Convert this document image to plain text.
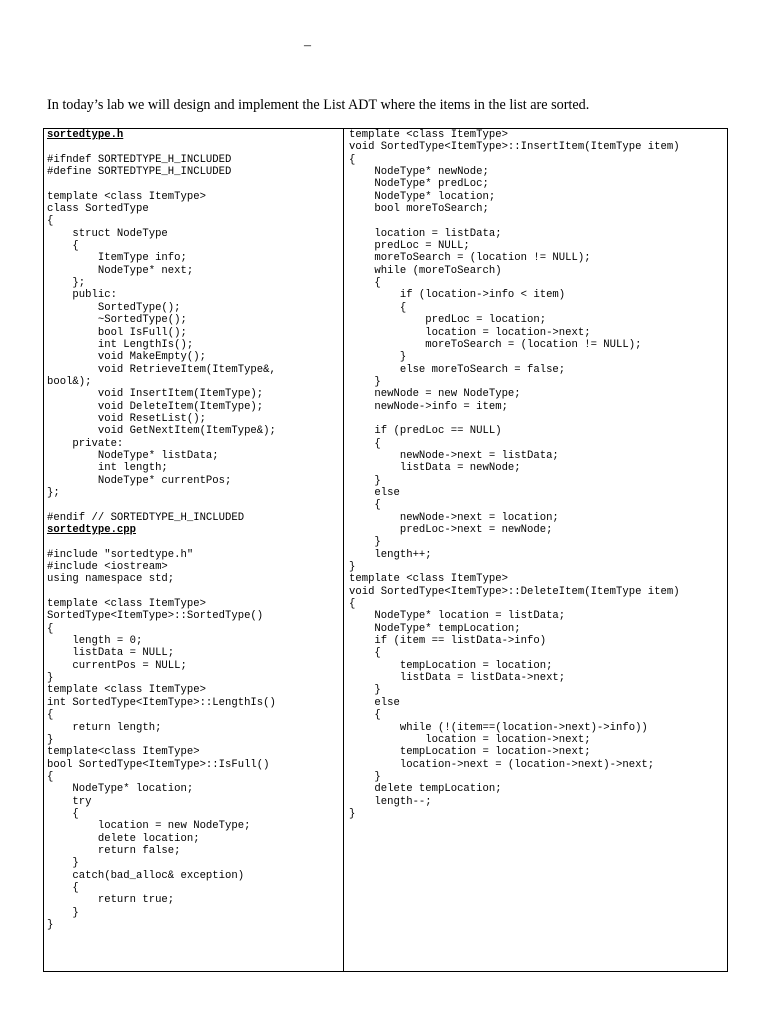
–
In today’s lab we will design and implement the List ADT where the items in the list are sorted.
sortedtype.h
#ifndef SORTEDTYPE_H_INCLUDED
#define SORTEDTYPE_H_INCLUDED

template <class ItemType>
class SortedType
{
struct NodeType
{
ItemType info;
NodeType* next;
};
public:
SortedType();
~SortedType();
bool IsFull();
int LengthIs();
void MakeEmpty();
void RetrieveItem(ItemType&,
bool&);
void InsertItem(ItemType);
void DeleteItem(ItemType);
void ResetList();
void GetNextItem(ItemType&);
private:
NodeType* listData;
int length;
NodeType* currentPos;
};

#endif // SORTEDTYPE_H_INCLUDED
sortedtype.cpp
#include "sortedtype.h"
#include <iostream>
using namespace std;

template <class ItemType>
SortedType<ItemType>::SortedType()
{
length = 0;
listData = NULL;
currentPos = NULL;
}
template <class ItemType>
int SortedType<ItemType>::LengthIs()
{
return length;
}
template<class ItemType>
bool SortedType<ItemType>::IsFull()
{
NodeType* location;
try
{
location = new NodeType;
delete location;
return false;
}
catch(bad_alloc& exception)
{
return true;
}
}
template <class ItemType>
void SortedType<ItemType>::InsertItem(ItemType item)
{
NodeType* newNode;
NodeType* predLoc;
NodeType* location;
bool moreToSearch;

location = listData;
predLoc = NULL;
moreToSearch = (location != NULL);
while (moreToSearch)
{
if (location->info < item)
{
predLoc = location;
location = location->next;
moreToSearch = (location != NULL);
}
else moreToSearch = false;
}
newNode = new NodeType;
newNode->info = item;

if (predLoc == NULL)
{
newNode->next = listData;
listData = newNode;
}
else
{
newNode->next = location;
predLoc->next = newNode;
}
length++;
}
template <class ItemType>
void SortedType<ItemType>::DeleteItem(ItemType item)
{
NodeType* location = listData;
NodeType* tempLocation;
if (item == listData->info)
{
tempLocation = location;
listData = listData->next;
}
else
{
while (!(item==(location->next)->info))
location = location->next;
tempLocation = location->next;
location->next = (location->next)->next;
}
delete tempLocation;
length--;
}
